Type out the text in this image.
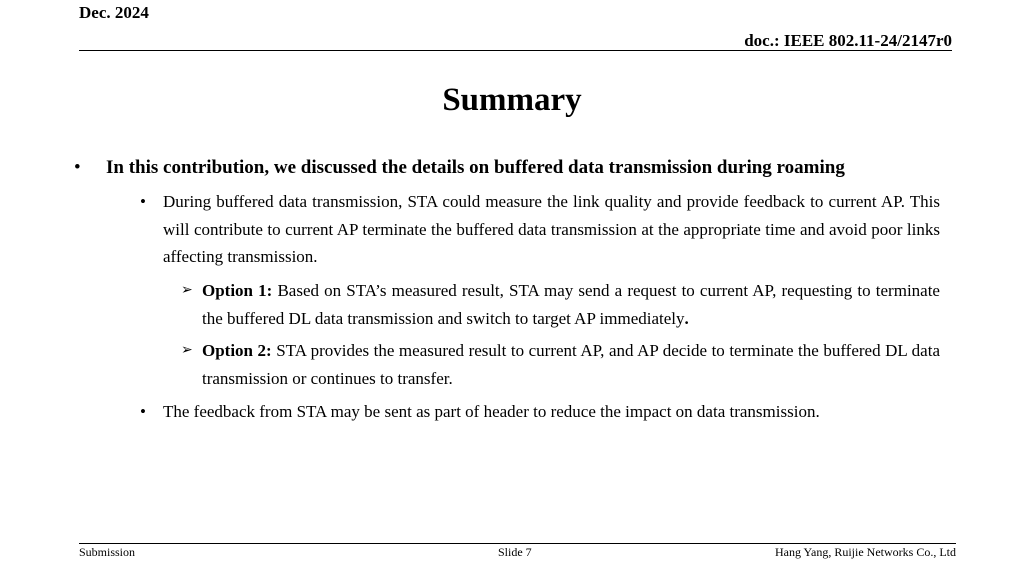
Dec. 2024
doc.: IEEE 802.11-24/2147r0
Summary
• In this contribution, we discussed the details on buffered data transmission during roaming
• During buffered data transmission, STA could measure the link quality and provide feedback to current AP. This will contribute to current AP terminate the buffered data transmission at the appropriate time and avoid poor links affecting transmission.
➢ Option 1: Based on STA’s measured result, STA may send a request to current AP, requesting to terminate the buffered DL data transmission and switch to target AP immediately.
➢ Option 2: STA provides the measured result to current AP, and AP decide to terminate the buffered DL data transmission or continues to transfer.
• The feedback from STA may be sent as part of header to reduce the impact on data transmission.
Submission	Slide 7	Hang Yang, Ruijie Networks Co., Ltd
